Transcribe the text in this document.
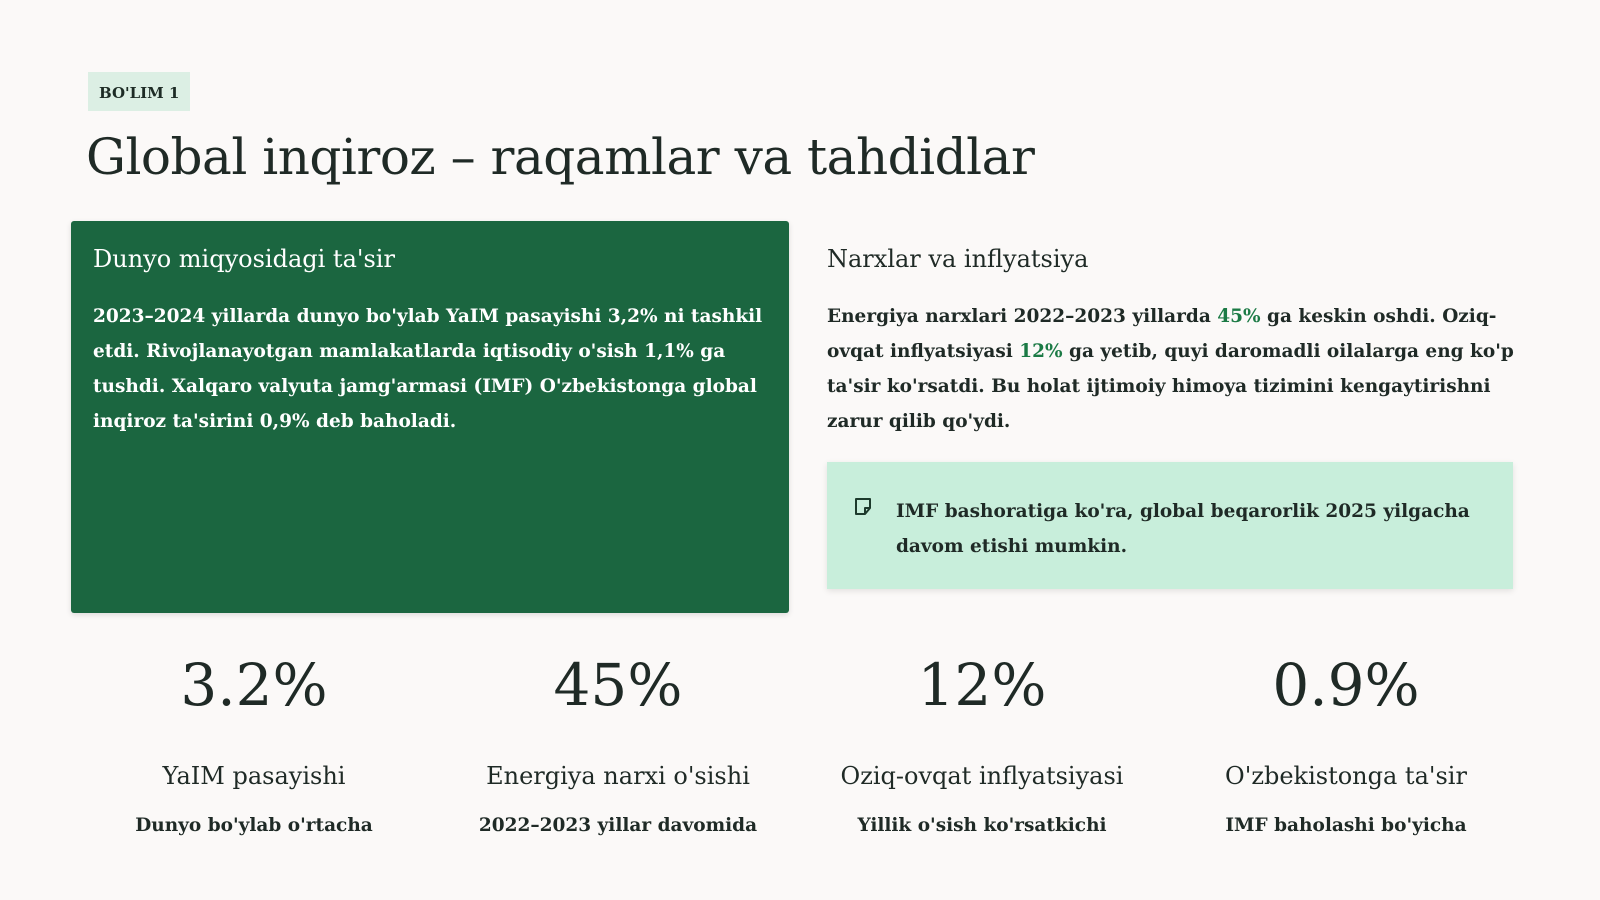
BO'LIM 1
Global inqiroz – raqamlar va tahdidlar
Dunyo miqyosidagi ta'sir

2023–2024 yillarda dunyo bo'ylab YaIM pasayishi 3,2% ni tashkil etdi. Rivojlanayotgan mamlakatlarda iqtisodiy o'sish 1,1% ga tushdi. Xalqaro valyuta jamg'armasi (IMF) O'zbekistonga global inqiroz ta'sirini 0,9% deb baholadi.

Narxlar va inflyatsiya

Energiya narxlari 2022–2023 yillarda 45% ga keskin oshdi. Oziq-ovqat inflyatsiyasi 12% ga yetib, quyi daromadli oilalarga eng ko'p ta'sir ko'rsatdi. Bu holat ijtimoiy himoya tizimini kengaytirishni zarur qilib qo'ydi.

IMF bashoratiga ko'ra, global beqarorlik 2025 yilgacha davom etishi mumkin.

3.2%
YaIM pasayishi
Dunyo bo'ylab o'rtacha
45%
Energiya narxi o'sishi
2022–2023 yillar davomida
12%
Oziq-ovqat inflyatsiyasi
Yillik o'sish ko'rsatkichi
0.9%
O'zbekistonga ta'sir
IMF baholashi bo'yicha
